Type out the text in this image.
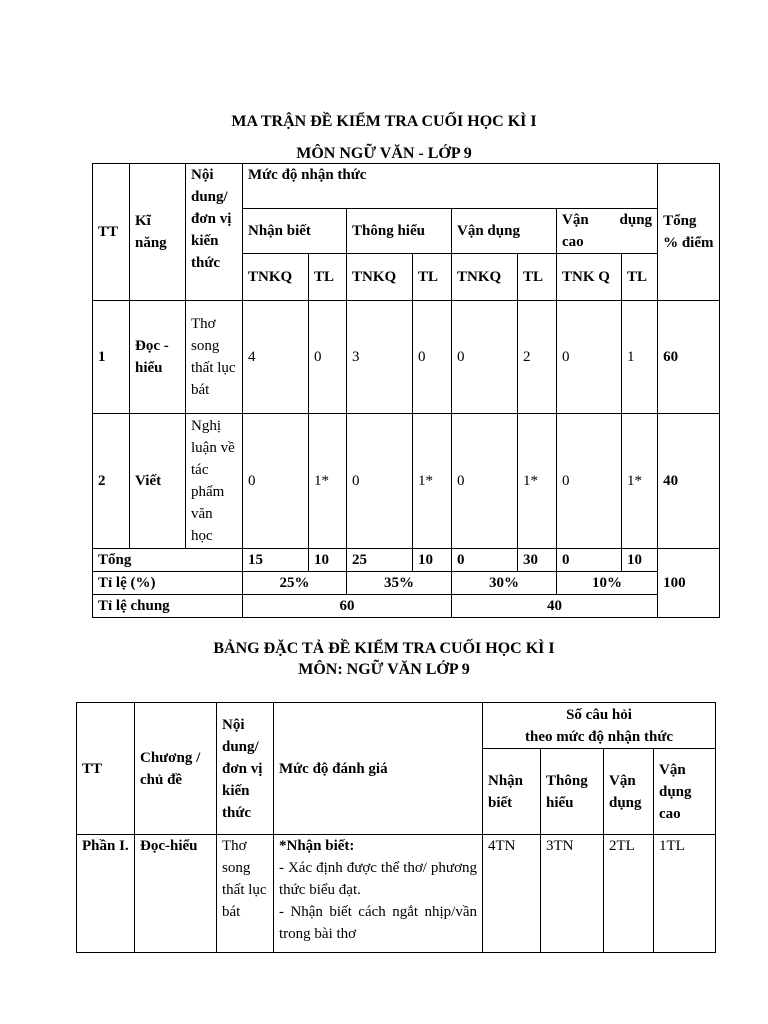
MA TRẬN ĐỀ KIỂM TRA CUỐI HỌC KÌ I
MÔN NGỮ VĂN - LỚP 9
TT	Kĩ năng	Nội dung/ đơn vị kiến thức	Mức độ nhận thức								Tổng % điểm
			Nhận biết		Thông hiểu		Vận dụng		Vận dụng
cao		

			TNKQ	TL	TNKQ	TL	TNKQ	TL	TNK Q	TL	
1	Đọc - hiểu	Thơ song thất lục bát	4	0	3	0	0	2	0	1	60
2	Viết	Nghị luận về tác phẩm văn học	0	1*	0	1*	0	1*	0	1*	40
Tổng			15	10	25	10	0	30	0	10	100
Tỉ lệ (%)			25%		35%		30%		10%		
Tỉ lệ chung			60				40				
BẢNG ĐẶC TẢ ĐỀ KIỂM TRA CUỐI HỌC KÌ I
MÔN: NGỮ VĂN LỚP 9
TT	Chương / chủ đề	Nội dung/ đơn vị kiến thức	Mức độ đánh giá	Số câu hỏi
theo mức độ nhận thức			

				Nhận biết	Thông hiểu	Vận dụng	Vận dụng cao
Phần I.	Đọc-hiểu	Thơ song thất lục bát	*Nhận biết:
- Xác định được thể thơ/ phương thức biểu đạt.
- Nhận biết cách ngắt nhịp/vần trong bài thơ	4TN	3TN	2TL	1TL
